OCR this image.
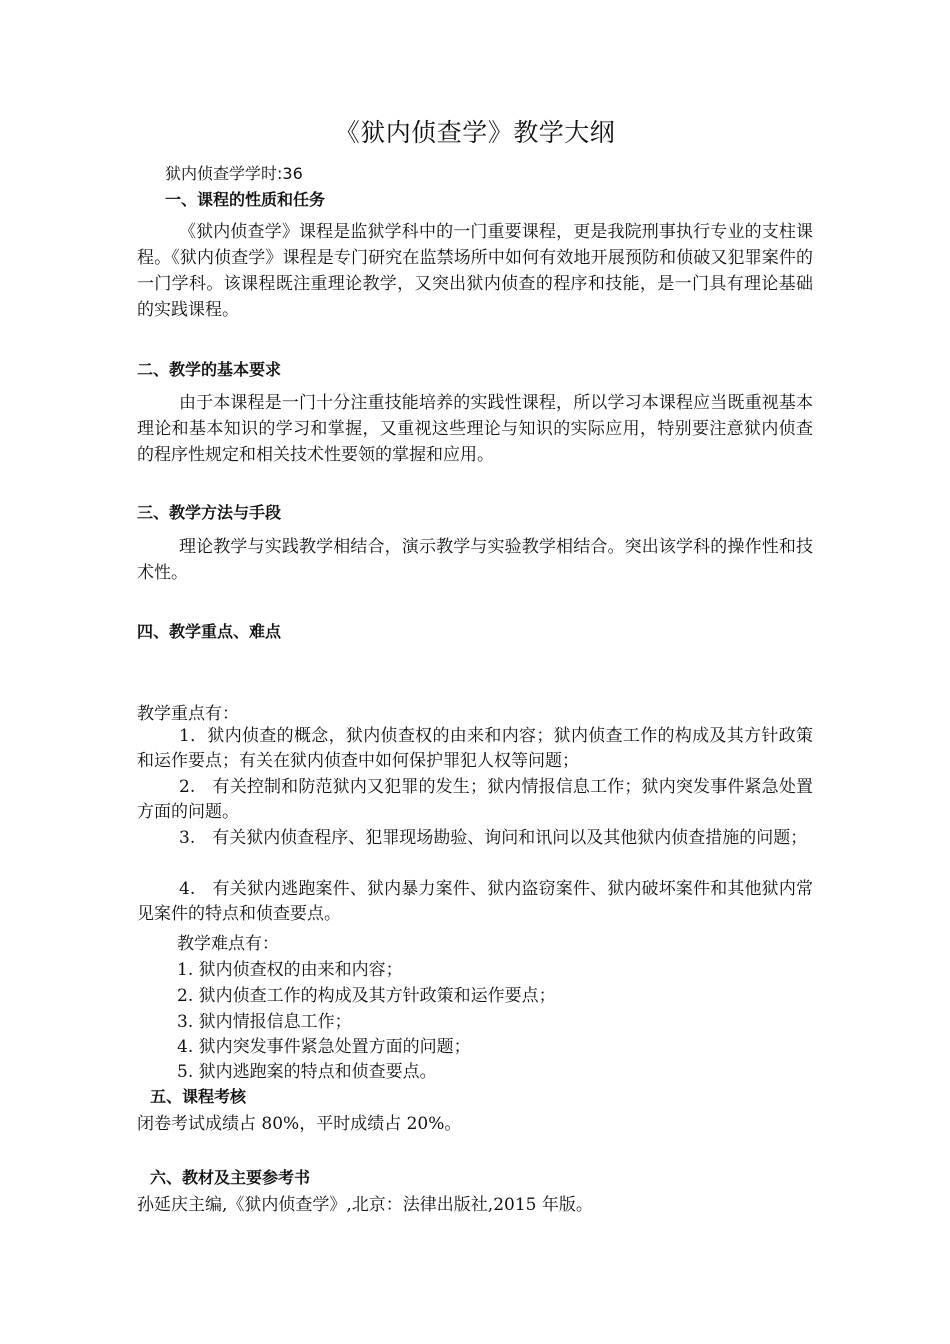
《狱内侦查学》教学大纲
狱内侦查学学时:36
一、课程的性质和任务
《狱内侦查学》课程是监狱学科中的一门重要课程，更是我院刑事执行专业的支柱课程。《狱内侦查学》课程是专门研究在监禁场所中如何有效地开展预防和侦破又犯罪案件的一门学科。该课程既注重理论教学，又突出狱内侦查的程序和技能，是一门具有理论基础的实践课程。
二、教学的基本要求
由于本课程是一门十分注重技能培养的实践性课程，所以学习本课程应当既重视基本理论和基本知识的学习和掌握，又重视这些理论与知识的实际应用，特别要注意狱内侦查的程序性规定和相关技术性要领的掌握和应用。
三、教学方法与手段
理论教学与实践教学相结合，演示教学与实验教学相结合。突出该学科的操作性和技术性。
四、教学重点、难点
教学重点有：
1．狱内侦查的概念，狱内侦查权的由来和内容；狱内侦查工作的构成及其方针政策和运作要点；有关在狱内侦查中如何保护罪犯人权等问题；
2.　有关控制和防范狱内又犯罪的发生；狱内情报信息工作；狱内突发事件紧急处置方面的问题。
3.　有关狱内侦查程序、犯罪现场勘验、询问和讯问以及其他狱内侦查措施的问题；
4.　有关狱内逃跑案件、狱内暴力案件、狱内盗窃案件、狱内破坏案件和其他狱内常见案件的特点和侦查要点。
教学难点有：
1. 狱内侦查权的由来和内容；
2. 狱内侦查工作的构成及其方针政策和运作要点；
3. 狱内情报信息工作；
4. 狱内突发事件紧急处置方面的问题；
5. 狱内逃跑案的特点和侦查要点。
五、课程考核
闭卷考试成绩占 80%，平时成绩占 20%。
六、教材及主要参考书
孙延庆主编,《狱内侦查学》,北京：法律出版社,2015 年版。
